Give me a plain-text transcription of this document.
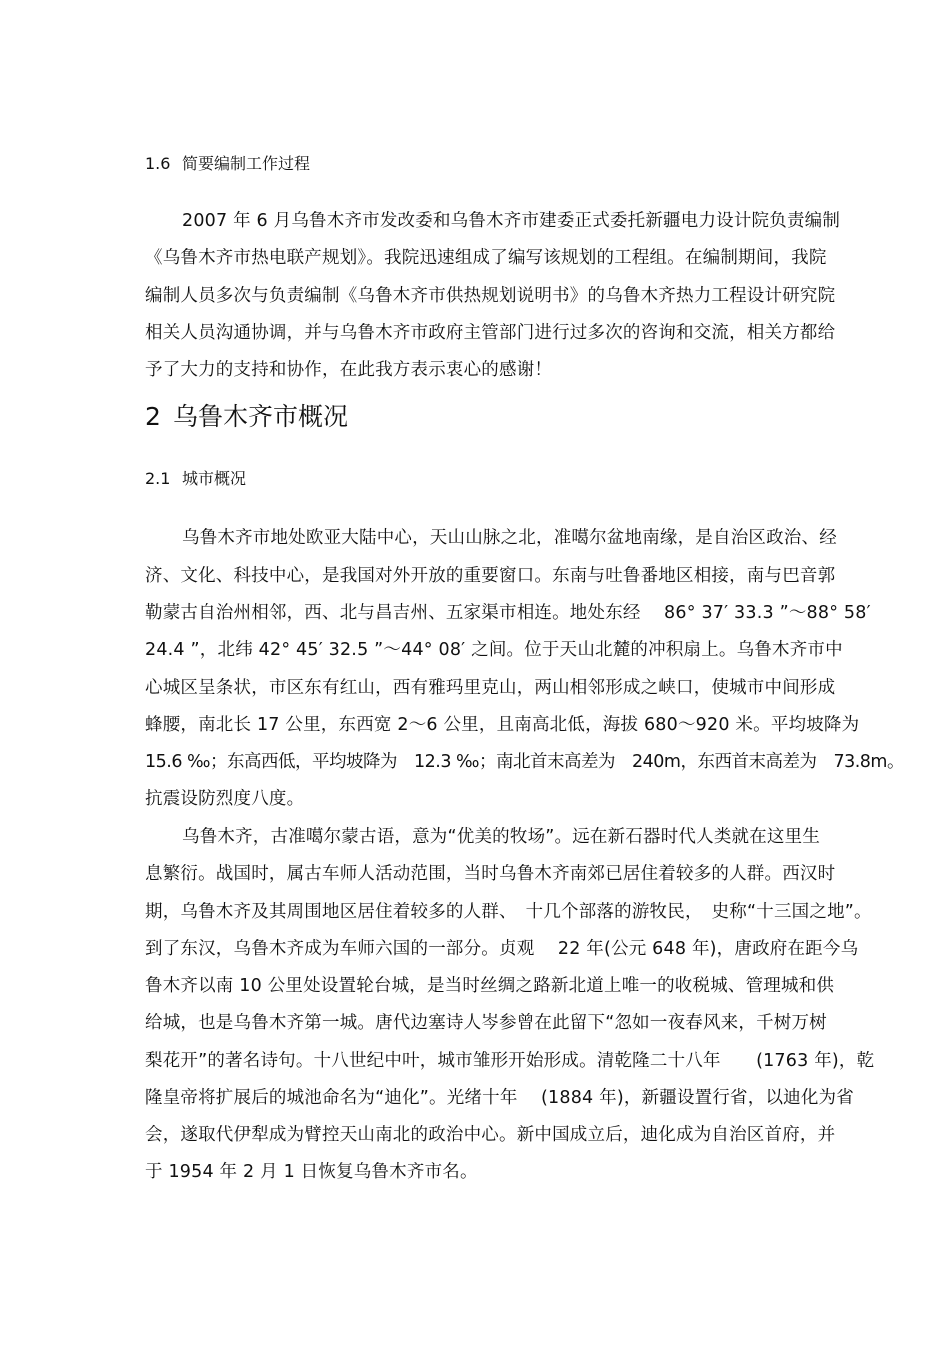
1.6 简要编制工作过程
2007 年 6 月乌鲁木齐市发改委和乌鲁木齐市建委正式委托新疆电力设计院负责编制
《乌鲁木齐市热电联产规划》。我院迅速组成了编写该规划的工程组。在编制期间，我院
编制人员多次与负责编制《乌鲁木齐市供热规划说明书》的乌鲁木齐热力工程设计研究院
相关人员沟通协调，并与乌鲁木齐市政府主管部门进行过多次的咨询和交流，相关方都给
予了大力的支持和协作，在此我方表示衷心的感谢！
2 乌鲁木齐市概况
2.1 城市概况
乌鲁木齐市地处欧亚大陆中心，天山山脉之北，准噶尔盆地南缘，是自治区政治、经
济、文化、科技中心，是我国对外开放的重要窗口。东南与吐鲁番地区相接，南与巴音郭
勒蒙古自治州相邻，西、北与昌吉州、五家渠市相连。地处东经　 86° 37′ 33.3 ”～88° 58′
24.4 ”，北纬 42° 45′ 32.5 ”～44° 08′ 之间。位于天山北麓的冲积扇上。乌鲁木齐市中
心城区呈条状，市区东有红山，西有雅玛里克山，两山相邻形成之峡口，使城市中间形成
蜂腰，南北长 17 公里，东西宽 2～6 公里，且南高北低，海拔 680～920 米。平均坡降为
15.6 ‰；东高西低，平均坡降为　12.3 ‰；南北首末高差为　240m，东西首末高差为　73.8m。
抗震设防烈度八度。
乌鲁木齐，古准噶尔蒙古语，意为“优美的牧场”。远在新石器时代人类就在这里生
息繁衍。战国时，属古车师人活动范围，当时乌鲁木齐南郊已居住着较多的人群。西汉时
期，乌鲁木齐及其周围地区居住着较多的人群、　十几个部落的游牧民，　史称“十三国之地”。
到了东汉，乌鲁木齐成为车师六国的一部分。贞观　 22 年(公元 648 年)，唐政府在距今乌
鲁木齐以南 10 公里处设置轮台城，是当时丝绸之路新北道上唯一的收税城、管理城和供
给城，也是乌鲁木齐第一城。唐代边塞诗人岑参曾在此留下“忽如一夜春风来，千树万树
梨花开”的著名诗句。十八世纪中叶，城市雏形开始形成。清乾隆二十八年　　(1763 年)，乾
隆皇帝将扩展后的城池命名为“迪化”。光绪十年　 (1884 年)，新疆设置行省，以迪化为省
会，遂取代伊犁成为臂控天山南北的政治中心。新中国成立后，迪化成为自治区首府，并
于 1954 年 2 月 1 日恢复乌鲁木齐市名。
